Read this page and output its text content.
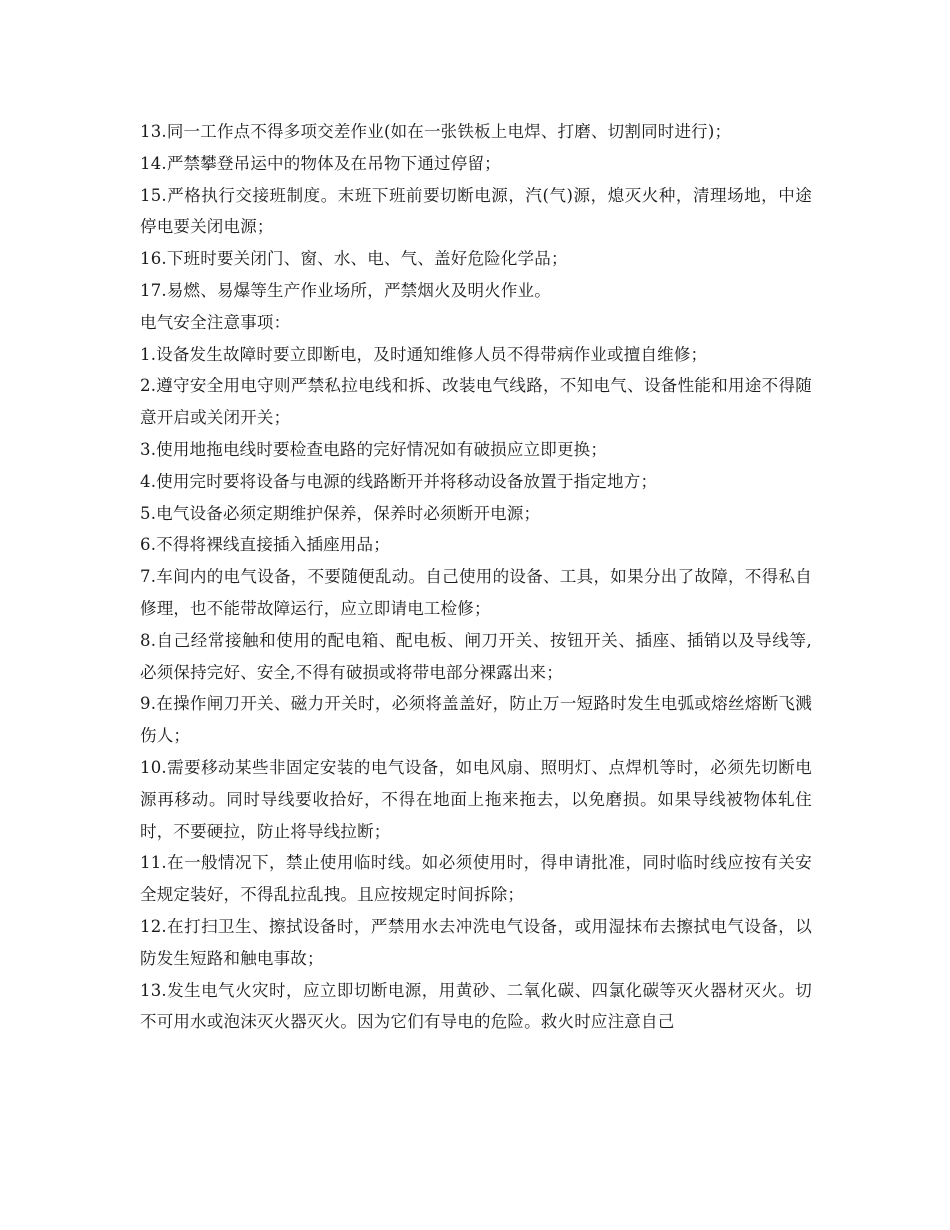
13.同一工作点不得多项交差作业(如在一张铁板上电焊、打磨、切割同时进行)；

14.严禁攀登吊运中的物体及在吊物下通过停留；

15.严格执行交接班制度。末班下班前要切断电源，汽(气)源，熄灭火种，清理场地，中途停电要关闭电源；

16.下班时要关闭门、窗、水、电、气、盖好危险化学品；

17.易燃、易爆等生产作业场所，严禁烟火及明火作业。

电气安全注意事项：

1.设备发生故障时要立即断电，及时通知维修人员不得带病作业或擅自维修；

2.遵守安全用电守则严禁私拉电线和拆、改装电气线路，不知电气、设备性能和用途不得随意开启或关闭开关；

3.使用地拖电线时要检查电路的完好情况如有破损应立即更换；

4.使用完时要将设备与电源的线路断开并将移动设备放置于指定地方；

5.电气设备必须定期维护保养，保养时必须断开电源；

6.不得将裸线直接插入插座用品；

7.车间内的电气设备，不要随便乱动。自己使用的设备、工具，如果分出了故障，不得私自修理，也不能带故障运行，应立即请电工检修；

8.自己经常接触和使用的配电箱、配电板、闸刀开关、按钮开关、插座、插销以及导线等,必须保持完好、安全,不得有破损或将带电部分裸露出来；

9.在操作闸刀开关、磁力开关时，必须将盖盖好，防止万一短路时发生电弧或熔丝熔断飞溅伤人；

10.需要移动某些非固定安装的电气设备，如电风扇、照明灯、点焊机等时，必须先切断电源再移动。同时导线要收拾好，不得在地面上拖来拖去，以免磨损。如果导线被物体轧住时，不要硬拉，防止将导线拉断；

11.在一般情况下，禁止使用临时线。如必须使用时，得申请批准，同时临时线应按有关安全规定装好，不得乱拉乱拽。且应按规定时间拆除；

12.在打扫卫生、擦拭设备时，严禁用水去冲洗电气设备，或用湿抹布去擦拭电气设备，以防发生短路和触电事故；

13.发生电气火灾时，应立即切断电源，用黄砂、二氧化碳、四氯化碳等灭火器材灭火。切不可用水或泡沫灭火器灭火。因为它们有导电的危险。救火时应注意自己
